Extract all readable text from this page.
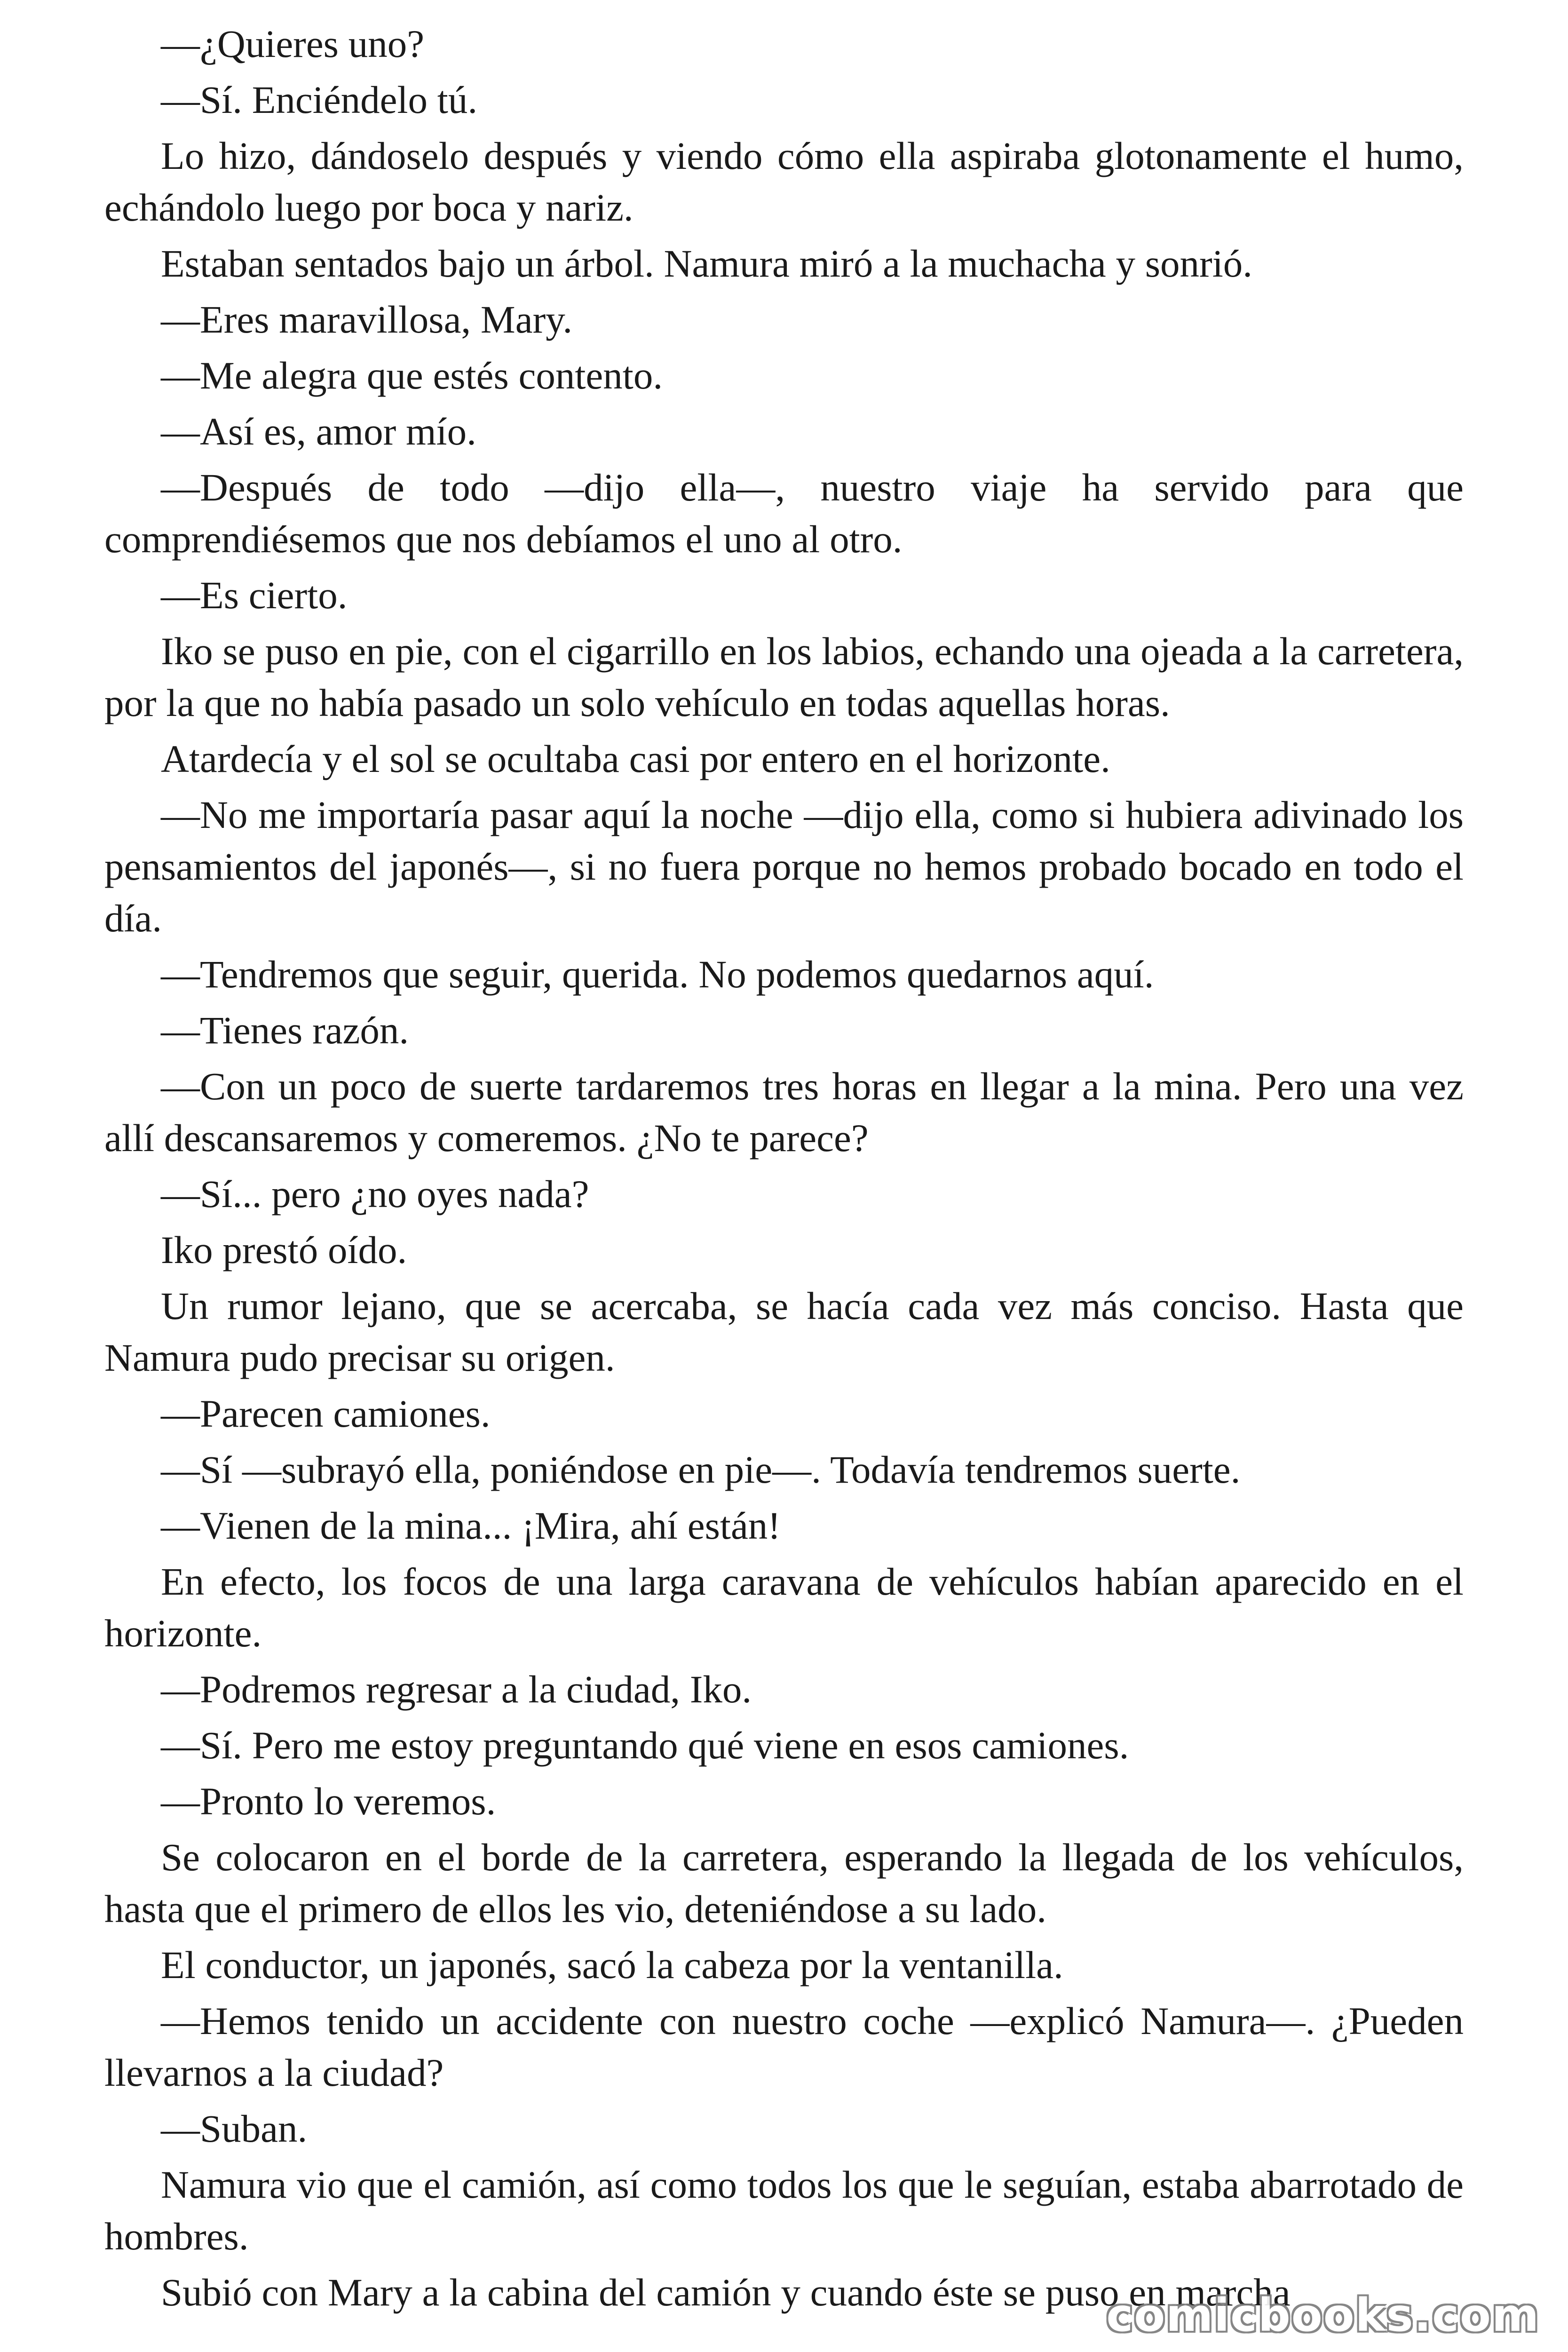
—¿Quieres uno?

—Sí. Enciéndelo tú.

Lo hizo, dándoselo después y viendo cómo ella aspiraba glotonamente el humo, echándolo luego por boca y nariz.

Estaban sentados bajo un árbol. Namura miró a la muchacha y sonrió.

—Eres maravillosa, Mary.

—Me alegra que estés contento.

—Así es, amor mío.

—Después de todo —dijo ella—, nuestro viaje ha servido para que comprendiésemos que nos debíamos el uno al otro.

—Es cierto.

Iko se puso en pie, con el cigarrillo en los labios, echando una ojeada a la carretera, por la que no había pasado un solo vehículo en todas aquellas horas.

Atardecía y el sol se ocultaba casi por entero en el horizonte.

—No me importaría pasar aquí la noche —dijo ella, como si hubiera adivinado los pensamientos del japonés—, si no fuera porque no hemos probado bocado en todo el día.

—Tendremos que seguir, querida. No podemos quedarnos aquí.

—Tienes razón.

—Con un poco de suerte tardaremos tres horas en llegar a la mina. Pero una vez allí descansaremos y comeremos. ¿No te parece?

—Sí... pero ¿no oyes nada?

Iko prestó oído.

Un rumor lejano, que se acercaba, se hacía cada vez más conciso. Hasta que Namura pudo precisar su origen.

—Parecen camiones.

—Sí —subrayó ella, poniéndose en pie—. Todavía tendremos suerte.

—Vienen de la mina... ¡Mira, ahí están!

En efecto, los focos de una larga caravana de vehículos habían aparecido en el horizonte.

—Podremos regresar a la ciudad, Iko.

—Sí. Pero me estoy preguntando qué viene en esos camiones.

—Pronto lo veremos.

Se colocaron en el borde de la carretera, esperando la llegada de los vehículos, hasta que el primero de ellos les vio, deteniéndose a su lado.

El conductor, un japonés, sacó la cabeza por la ventanilla.

—Hemos tenido un accidente con nuestro coche —explicó Namura—. ¿Pueden llevarnos a la ciudad?

—Suban.

Namura vio que el camión, así como todos los que le seguían, estaba abarrotado de hombres.

Subió con Mary a la cabina del camión y cuando éste se puso en marcha

comicbooks.com
